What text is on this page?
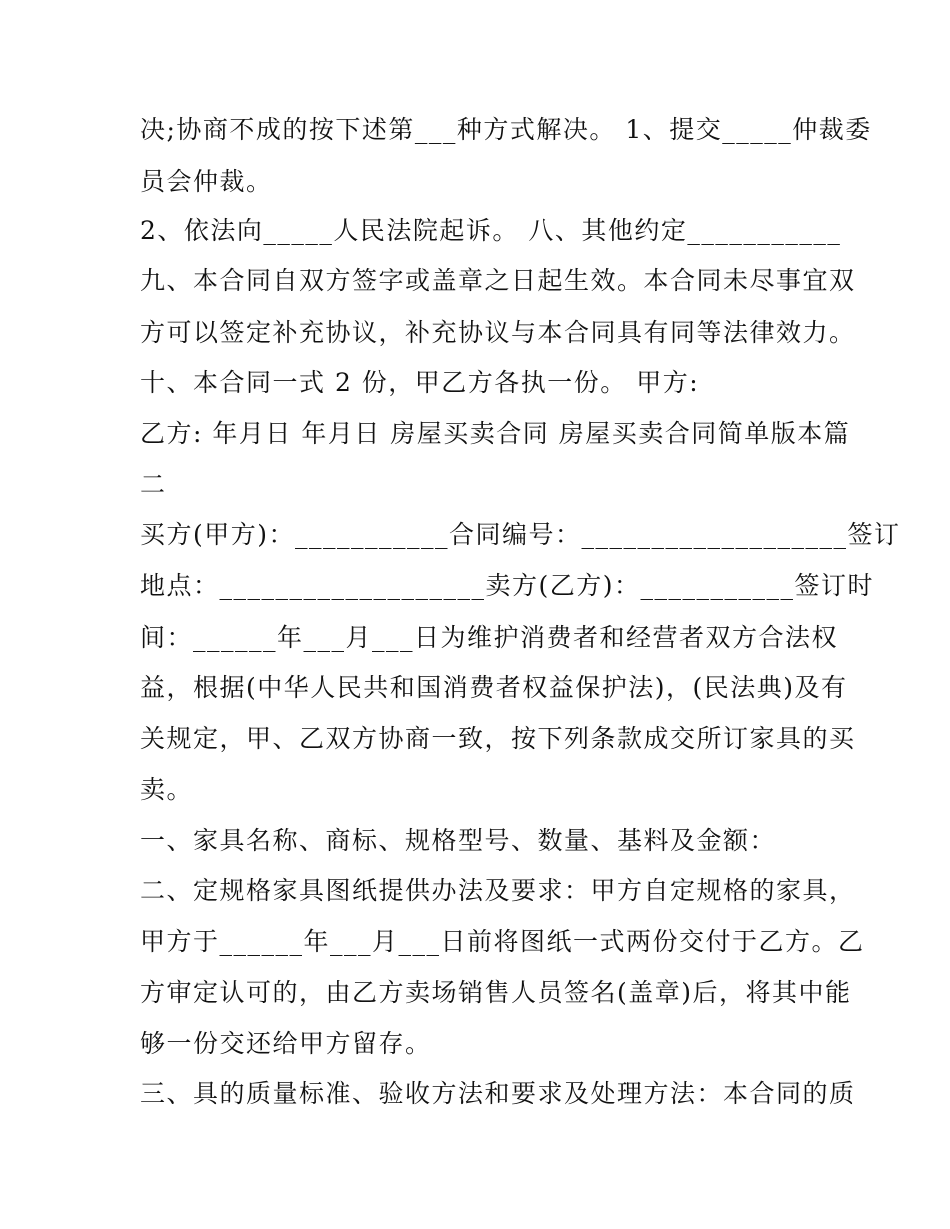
决;协商不成的按下述第___种方式解决。 1、提交_____仲裁委
员会仲裁。
2、依法向_____人民法院起诉。 八、其他约定___________
九、本合同自双方签字或盖章之日起生效。本合同未尽事宜双
方可以签定补充协议，补充协议与本合同具有同等法律效力。
十、本合同一式 2 份，甲乙方各执一份。 甲方:
乙方: 年月日 年月日 房屋买卖合同 房屋买卖合同简单版本篇
二
买方(甲方)：___________合同编号：___________________签订
地点：___________________卖方(乙方)：___________签订时
间：______年___月___日为维护消费者和经营者双方合法权
益，根据(中华人民共和国消费者权益保护法)，(民法典)及有
关规定，甲、乙双方协商一致，按下列条款成交所订家具的买
卖。
一、家具名称、商标、规格型号、数量、基料及金额：
二、定规格家具图纸提供办法及要求：甲方自定规格的家具，
甲方于______年___月___日前将图纸一式两份交付于乙方。乙
方审定认可的，由乙方卖场销售人员签名(盖章)后，将其中能
够一份交还给甲方留存。
三、具的质量标准、验收方法和要求及处理方法：本合同的质
